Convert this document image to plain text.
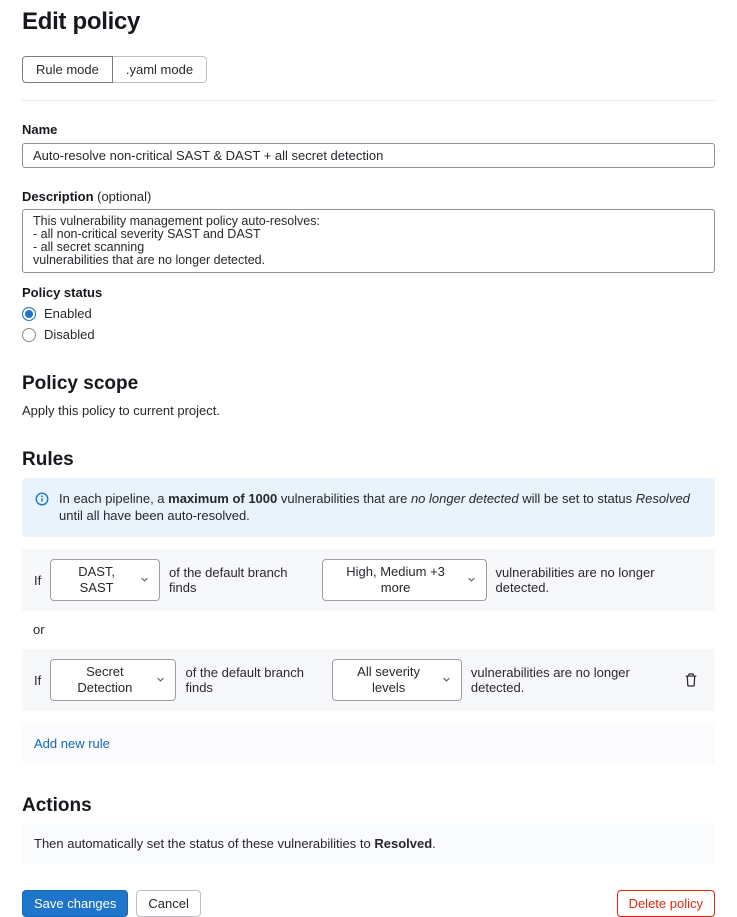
Edit policy
Rule mode	.yaml mode
Name
Auto-resolve non-critical SAST & DAST + all secret detection
Description (optional)
This vulnerability management policy auto-resolves: - all non-critical severity SAST and DAST - all secret scanning vulnerabilities that are no longer detected.
Policy status
Enabled
Disabled
Policy scope
Apply this policy to current project.
Rules
In each pipeline, a maximum of 1000 vulnerabilities that are no longer detected will be set to status Resolved until all have been auto-resolved.
If
DAST, SAST
of the default branch finds
High, Medium +3 more
vulnerabilities are no longer detected.
or
If
Secret Detection
of the default branch finds
All severity levels
vulnerabilities are no longer detected.
Add new rule
Actions
Then automatically set the status of these vulnerabilities to Resolved.
Save changes	Cancel	Delete policy
